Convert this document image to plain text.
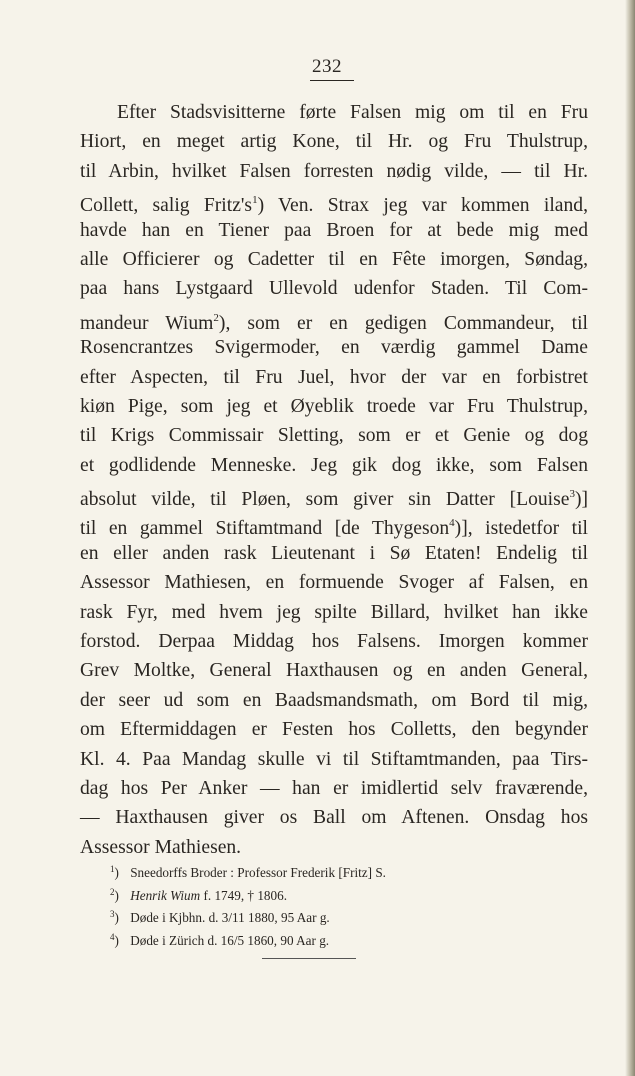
232
Efter Stadsvisitterne førte Falsen mig om til en Fru
Hiort, en meget artig Kone, til Hr. og Fru Thulstrup,
til Arbin, hvilket Falsen forresten nødig vilde, — til Hr.
Collett, salig Fritz's$^1$) Ven. Strax jeg var kommen iland,
havde han en Tiener paa Broen for at bede mig med
alle Officierer og Cadetter til en Fête imorgen, Søndag,
paa hans Lystgaard Ullevold udenfor Staden. Til Com-
mandeur Wium$^2$), som er en gedigen Commandeur, til
Rosencrantzes Svigermoder, en værdig gammel Dame
efter Aspecten, til Fru Juel, hvor der var en forbistret
kiøn Pige, som jeg et Øyeblik troede var Fru Thulstrup,
til Krigs Commissair Sletting, som er et Genie og dog
et godlidende Menneske. Jeg gik dog ikke, som Falsen
absolut vilde, til Pløen, som giver sin Datter [Louise$^3$)]
til en gammel Stiftamtmand [de Thygeson$^4$)], istedetfor til
en eller anden rask Lieutenant i Sø Etaten! Endelig til
Assessor Mathiesen, en formuende Svoger af Falsen, en
rask Fyr, med hvem jeg spilte Billard, hvilket han ikke
forstod. Derpaa Middag hos Falsens. Imorgen kommer
Grev Moltke, General Haxthausen og en anden General,
der seer ud som en Baadsmandsmath, om Bord til mig,
om Eftermiddagen er Festen hos Colletts, den begynder
Kl. 4. Paa Mandag skulle vi til Stiftamtmanden, paa Tirs-
dag hos Per Anker — han er imidlertid selv fraværende,
— Haxthausen giver os Ball om Aftenen. Onsdag hos
Assessor Mathiesen.
$^1$) Sneedorffs Broder : Professor Frederik [Fritz] S.
$^2$) Henrik Wium f. 1749, † 1806.
$^3$) Døde i Kjbhn. d. 3/11 1880, 95 Aar g.
$^4$) Døde i Zürich d. 16/5 1860, 90 Aar g.
